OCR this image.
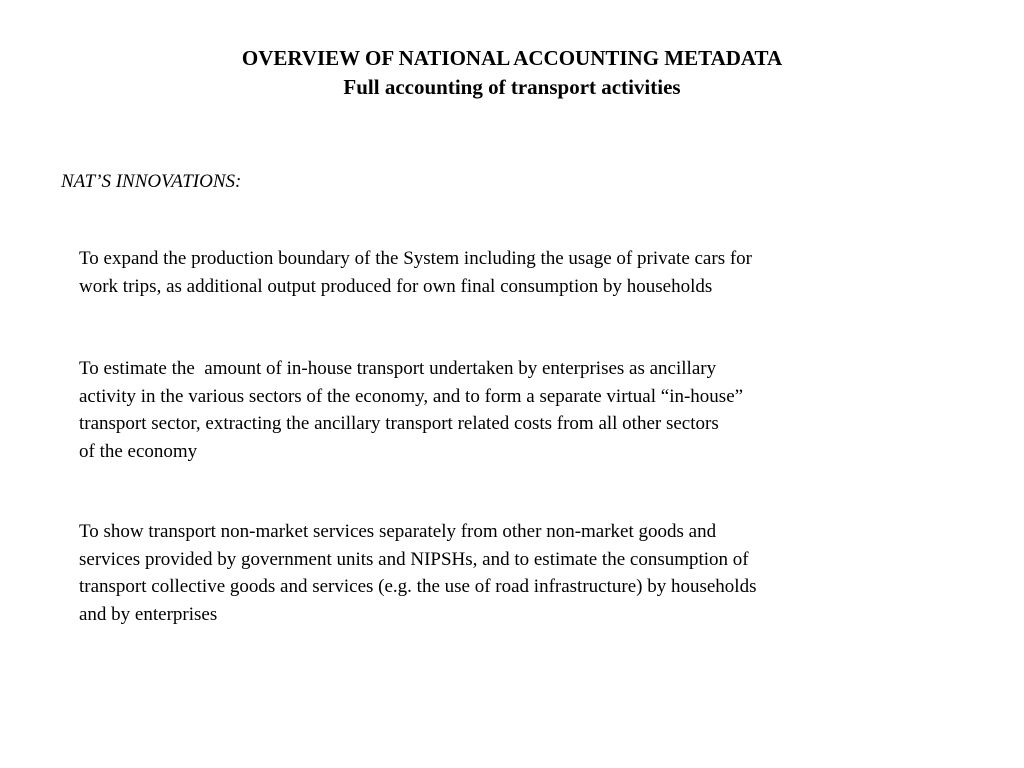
OVERVIEW OF NATIONAL ACCOUNTING METADATA
Full accounting of transport activities
NAT’S INNOVATIONS:
To expand the production boundary of the System including the usage of private cars for
work trips, as additional output produced for own final consumption by households
To estimate the  amount of in-house transport undertaken by enterprises as ancillary
activity in the various sectors of the economy, and to form a separate virtual “in-house”
transport sector, extracting the ancillary transport related costs from all other sectors
of the economy
To show transport non-market services separately from other non-market goods and
services provided by government units and NIPSHs, and to estimate the consumption of
transport collective goods and services (e.g. the use of road infrastructure) by households
and by enterprises
